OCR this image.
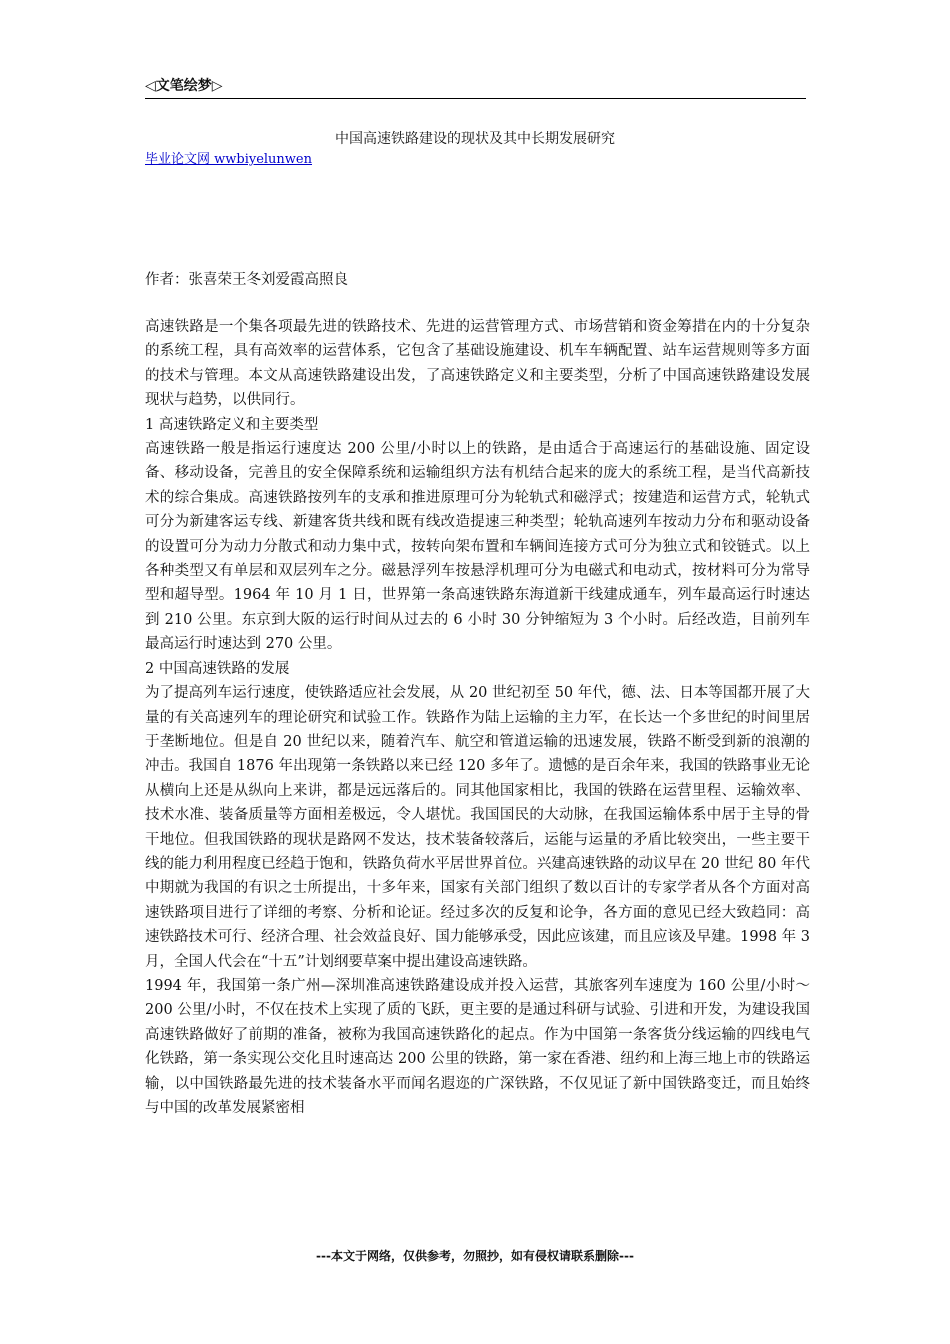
◁文笔绘梦▷
中国高速铁路建设的现状及其中长期发展研究
毕业论文网 wwbiyelunwen
作者：张喜荣王冬刘爱霞高照良

高速铁路是一个集各项最先进的铁路技术、先进的运营管理方式、市场营销和资金筹措在内的十分复杂的系统工程，具有高效率的运营体系，它包含了基础设施建设、机车车辆配置、站车运营规则等多方面的技术与管理。本文从高速铁路建设出发，了高速铁路定义和主要类型，分析了中国高速铁路建设发展现状与趋势，以供同行。

1 高速铁路定义和主要类型

高速铁路一般是指运行速度达 200 公里/小时以上的铁路，是由适合于高速运行的基础设施、固定设备、移动设备，完善且的安全保障系统和运输组织方法有机结合起来的庞大的系统工程，是当代高新技术的综合集成。高速铁路按列车的支承和推进原理可分为轮轨式和磁浮式；按建造和运营方式，轮轨式可分为新建客运专线、新建客货共线和既有线改造提速三种类型；轮轨高速列车按动力分布和驱动设备的设置可分为动力分散式和动力集中式，按转向架布置和车辆间连接方式可分为独立式和铰链式。以上各种类型又有单层和双层列车之分。磁悬浮列车按悬浮机理可分为电磁式和电动式，按材料可分为常导型和超导型。1964 年 10 月 1 日，世界第一条高速铁路东海道新干线建成通车，列车最高运行时速达到 210 公里。东京到大阪的运行时间从过去的 6 小时 30 分钟缩短为 3 个小时。后经改造，目前列车最高运行时速达到 270 公里。

2 中国高速铁路的发展

为了提高列车运行速度，使铁路适应社会发展，从 20 世纪初至 50 年代，德、法、日本等国都开展了大量的有关高速列车的理论研究和试验工作。铁路作为陆上运输的主力军，在长达一个多世纪的时间里居于垄断地位。但是自 20 世纪以来，随着汽车、航空和管道运输的迅速发展，铁路不断受到新的浪潮的冲击。我国自 1876 年出现第一条铁路以来已经 120 多年了。遗憾的是百余年来，我国的铁路事业无论从横向上还是从纵向上来讲，都是远远落后的。同其他国家相比，我国的铁路在运营里程、运输效率、技术水准、装备质量等方面相差极远，令人堪忧。我国国民的大动脉，在我国运输体系中居于主导的骨干地位。但我国铁路的现状是路网不发达，技术装备较落后，运能与运量的矛盾比较突出，一些主要干线的能力利用程度已经趋于饱和，铁路负荷水平居世界首位。兴建高速铁路的动议早在 20 世纪 80 年代中期就为我国的有识之士所提出，十多年来，国家有关部门组织了数以百计的专家学者从各个方面对高速铁路项目进行了详细的考察、分析和论证。经过多次的反复和论争，各方面的意见已经大致趋同：高速铁路技术可行、经济合理、社会效益良好、国力能够承受，因此应该建，而且应该及早建。1998 年 3 月，全国人代会在“十五”计划纲要草案中提出建设高速铁路。

1994 年，我国第一条广州—深圳准高速铁路建设成并投入运营，其旅客列车速度为 160 公里/小时～200 公里/小时，不仅在技术上实现了质的飞跃，更主要的是通过科研与试验、引进和开发，为建设我国高速铁路做好了前期的准备，被称为我国高速铁路化的起点。作为中国第一条客货分线运输的四线电气化铁路，第一条实现公交化且时速高达 200 公里的铁路，第一家在香港、纽约和上海三地上市的铁路运输，以中国铁路最先进的技术装备水平而闻名遐迩的广深铁路，不仅见证了新中国铁路变迁，而且始终与中国的改革发展紧密相

---本文于网络，仅供参考，勿照抄，如有侵权请联系删除---
